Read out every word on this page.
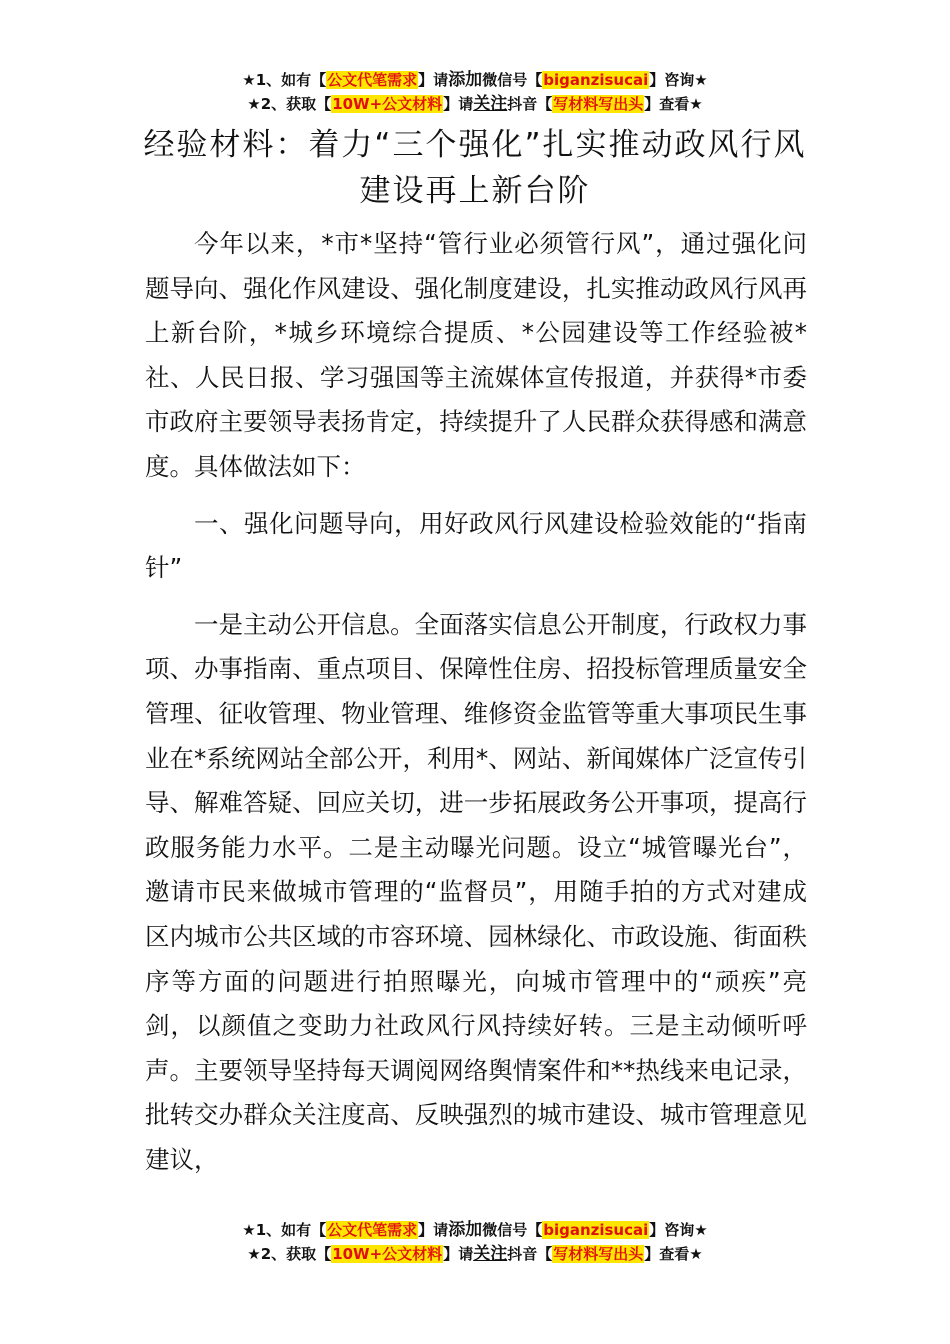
★1、如有【公文代笔需求】请添加微信号【biganzisucai】咨询★
★2、获取【10W+公文材料】请关注抖音【写材料写出头】查看★
经验材料：着力“三个强化”扎实推动政风行风建设再上新台阶

今年以来，*市*坚持“管行业必须管行风”，通过强化问题导向、强化作风建设、强化制度建设，扎实推动政风行风再上新台阶，*城乡环境综合提质、*公园建设等工作经验被*社、人民日报、学习强国等主流媒体宣传报道，并获得*市委市政府主要领导表扬肯定，持续提升了人民群众获得感和满意度。具体做法如下：

一、强化问题导向，用好政风行风建设检验效能的“指南针”

一是主动公开信息。全面落实信息公开制度，行政权力事项、办事指南、重点项目、保障性住房、招投标管理质量安全管理、征收管理、物业管理、维修资金监管等重大事项民生事业在*系统网站全部公开，利用*、网站、新闻媒体广泛宣传引导、解难答疑、回应关切，进一步拓展政务公开事项，提高行政服务能力水平。二是主动曝光问题。设立“城管曝光台”，邀请市民来做城市管理的“监督员”，用随手拍的方式对建成区内城市公共区域的市容环境、园林绿化、市政设施、街面秩序等方面的问题进行拍照曝光，向城市管理中的“顽疾”亮剑，以颜值之变助力社政风行风持续好转。三是主动倾听呼声。主要领导坚持每天调阅网络舆情案件和**热线来电记录，批转交办群众关注度高、反映强烈的城市建设、城市管理意见建议，

★1、如有【公文代笔需求】请添加微信号【biganzisucai】咨询★
★2、获取【10W+公文材料】请关注抖音【写材料写出头】查看★
